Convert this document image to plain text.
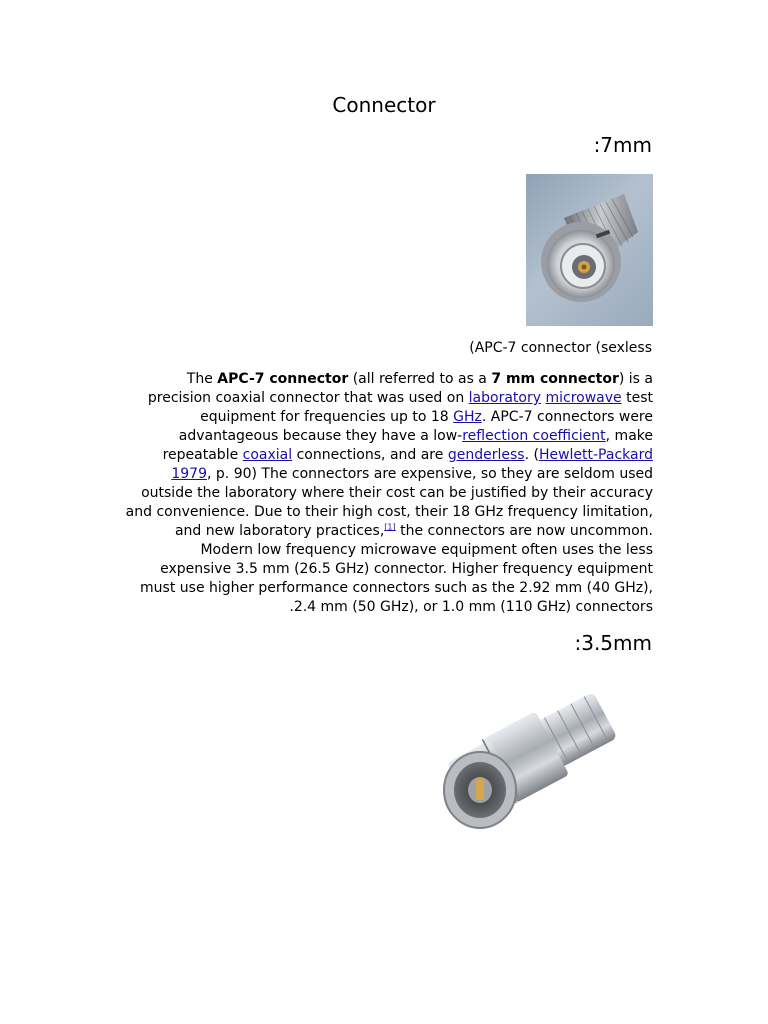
Connector
:7mm
(APC-7 connector (sexless
The APC-7 connector (all referred to as a 7 mm connector) is a
precision coaxial connector that was used on laboratory microwave test
equipment for frequencies up to 18 GHz. APC-7 connectors were
advantageous because they have a low-reflection coefficient, make
repeatable coaxial connections, and are genderless. (Hewlett-Packard
1979, p. 90) The connectors are expensive, so they are seldom used
outside the laboratory where their cost can be justified by their accuracy
and convenience. Due to their high cost, their 18 GHz frequency limitation,
and new laboratory practices,[1] the connectors are now uncommon.
Modern low frequency microwave equipment often uses the less
expensive 3.5 mm (26.5 GHz) connector. Higher frequency equipment
must use higher performance connectors such as the 2.92 mm (40 GHz),
.2.4 mm (50 GHz), or 1.0 mm (110 GHz) connectors
:3.5mm
